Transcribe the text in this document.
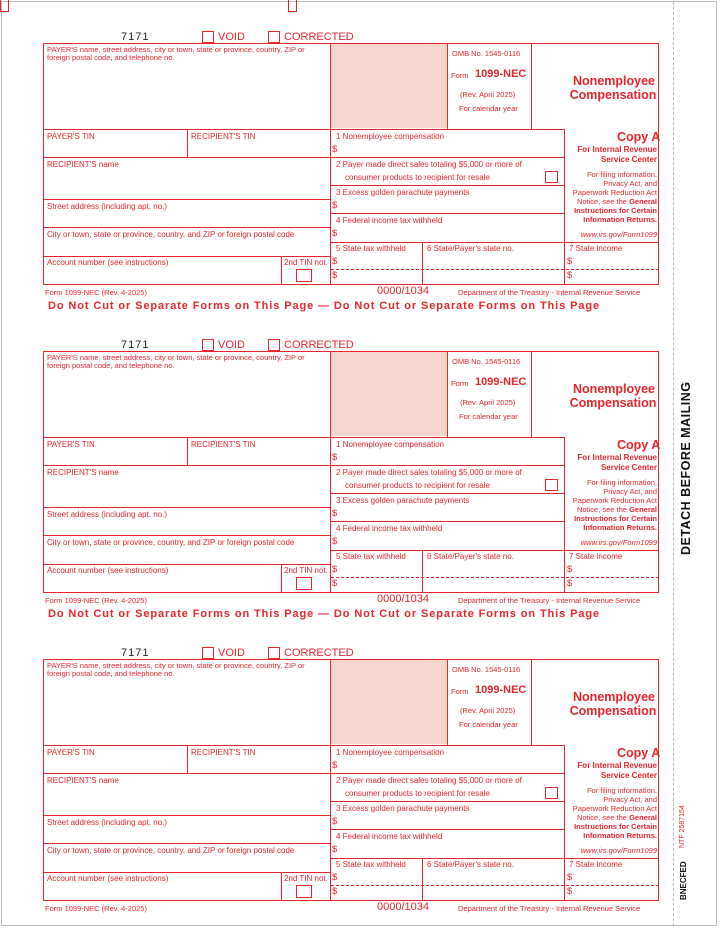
DETACH BEFORE MAILING
NTF 2587154
BNECFED
Do Not Cut or Separate Forms on This Page — Do Not Cut or Separate Forms on This Page
Do Not Cut or Separate Forms on This Page — Do Not Cut or Separate Forms on This Page
7171	VOID	CORRECTED
PAYER'S name, street address, city or town, state or province, country, ZIP or foreign postal code, and telephone no.	OMB No. 1545-0116
Form 1099-NEC
(Rev. April 2025)
For calendar year
Nonemployee
Compensation
PAYER'S TIN	RECIPIENT'S TIN
RECIPIENT'S name
Street address (including apt. no.)
City or town, state or province, country, and ZIP or foreign postal code
Account number (see instructions)	2nd TIN not.
1 Nonemployee compensation
$
2 Payer made direct sales totaling $5,000 or more of
consumer products to recipient for resale
3 Excess golden parachute payments
$
4 Federal income tax withheld
$
5 State tax withheld	6 State/Payer's state no.	7 State income
$
$
$
$
Copy A
For Internal Revenue
Service Center
For filing information,
Privacy Act, and
Paperwork Reduction Act
Notice, see the General
Instructions for Certain
Information Returns.
www.irs.gov/Form1099
Form 1099-NEC (Rev. 4-2025)	0000/1034	Department of the Treasury - Internal Revenue Service
7171	VOID	CORRECTED
PAYER'S name, street address, city or town, state or province, country, ZIP or foreign postal code, and telephone no.	OMB No. 1545-0116
Form 1099-NEC
(Rev. April 2025)
For calendar year
Nonemployee
Compensation
PAYER'S TIN	RECIPIENT'S TIN
RECIPIENT'S name
Street address (including apt. no.)
City or town, state or province, country, and ZIP or foreign postal code
Account number (see instructions)	2nd TIN not.
1 Nonemployee compensation
$
2 Payer made direct sales totaling $5,000 or more of
consumer products to recipient for resale
3 Excess golden parachute payments
$
4 Federal income tax withheld
$
5 State tax withheld	6 State/Payer's state no.	7 State income
$
$
$
$
Copy A
For Internal Revenue
Service Center
For filing information,
Privacy Act, and
Paperwork Reduction Act
Notice, see the General
Instructions for Certain
Information Returns.
www.irs.gov/Form1099
Form 1099-NEC (Rev. 4-2025)	0000/1034	Department of the Treasury - Internal Revenue Service
7171	VOID	CORRECTED
PAYER'S name, street address, city or town, state or province, country, ZIP or foreign postal code, and telephone no.	OMB No. 1545-0116
Form 1099-NEC
(Rev. April 2025)
For calendar year
Nonemployee
Compensation
PAYER'S TIN	RECIPIENT'S TIN
RECIPIENT'S name
Street address (including apt. no.)
City or town, state or province, country, and ZIP or foreign postal code
Account number (see instructions)	2nd TIN not.
1 Nonemployee compensation
$
2 Payer made direct sales totaling $5,000 or more of
consumer products to recipient for resale
3 Excess golden parachute payments
$
4 Federal income tax withheld
$
5 State tax withheld	6 State/Payer's state no.	7 State income
$
$
$
$
Copy A
For Internal Revenue
Service Center
For filing information,
Privacy Act, and
Paperwork Reduction Act
Notice, see the General
Instructions for Certain
Information Returns.
www.irs.gov/Form1099
Form 1099-NEC (Rev. 4-2025)	0000/1034	Department of the Treasury - Internal Revenue Service
